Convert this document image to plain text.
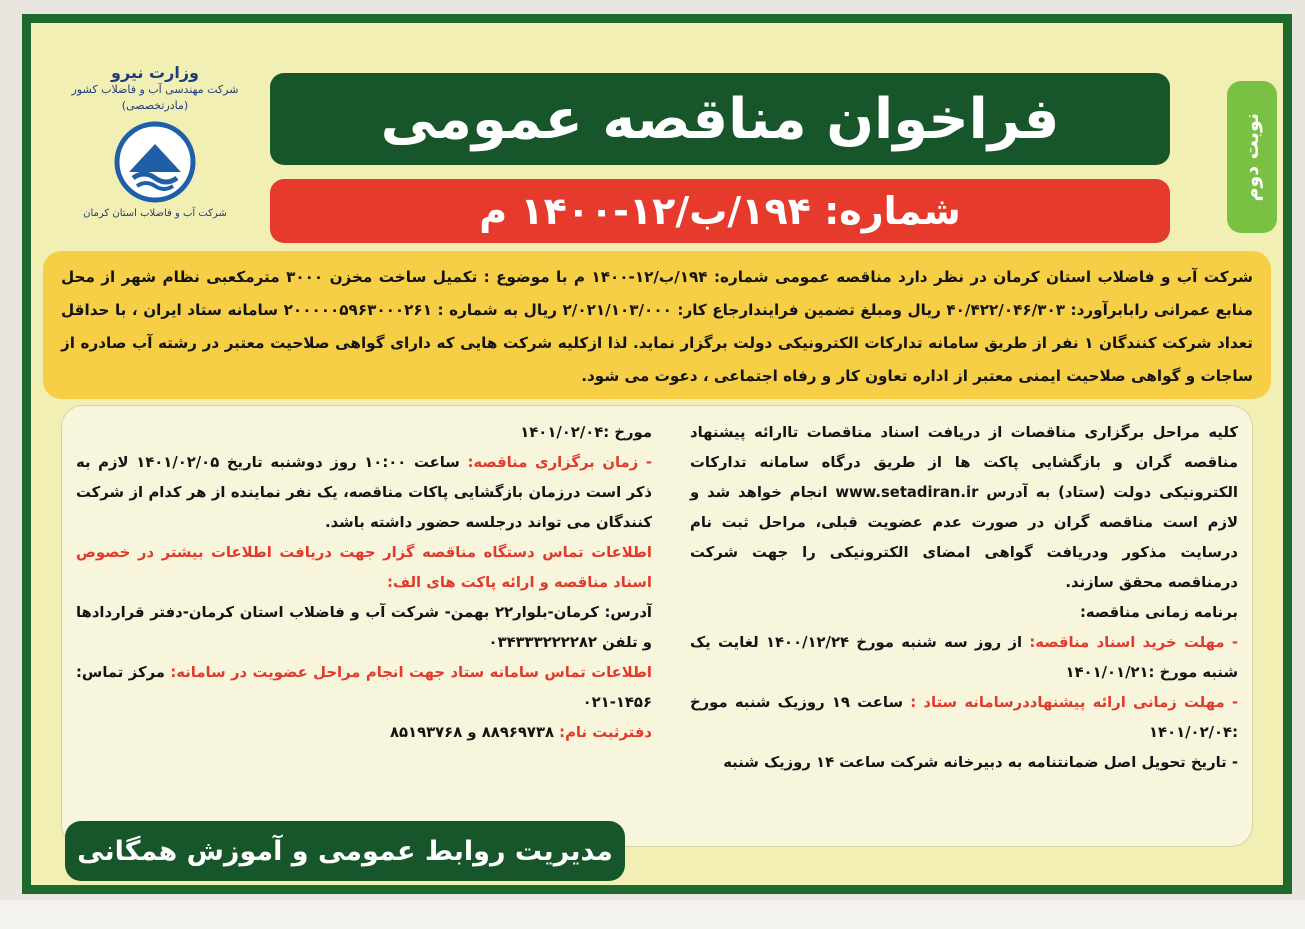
نوبت دوم
وزارت نیرو
شرکت مهندسی آب و فاضلاب کشور
(مادرتخصصی)
شرکت آب و فاضلاب استان کرمان
فراخوان مناقصه عمومی
شماره: ۱۹۴/ب/۱۲-۱۴۰۰ م
شرکت آب و فاضلاب استان کرمان در نظر دارد مناقصه عمومی شماره: ۱۹۴/ب/۱۲-۱۴۰۰ م با موضوع : تکمیل ساخت مخزن ۳۰۰۰ مترمکعبی نظام شهر از محل منابع عمرانی رابابرآورد: ۴۰/۴۲۲/۰۴۶/۳۰۳ ریال ومبلغ تضمین فرایندارجاع کار: ۲/۰۲۱/۱۰۳/۰۰۰ ریال به شماره : ۲۰۰۰۰۰۵۹۶۳۰۰۰۲۶۱ سامانه ستاد ایران ، با حداقل تعداد شرکت کنندگان ۱ نفر از طریق سامانه تدارکات الکترونیکی دولت برگزار نماید. لذا ازکلیه شرکت هایی که دارای گواهی صلاحیت معتبر در رشته آب صادره از ساجات و گواهی صلاحیت ایمنی معتبر از اداره تعاون کار و رفاه اجتماعی ، دعوت می شود.

کلیه مراحل برگزاری مناقصات از دریافت اسناد مناقصات تاارائه پیشنهاد مناقصه گران و بازگشایی پاکت ها از طریق درگاه سامانه تدارکات الکترونیکی دولت (ستاد) به آدرس www.setadiran.ir انجام خواهد شد و لازم است مناقصه گران در صورت عدم عضویت قبلی، مراحل ثبت نام درسایت مذکور ودریافت گواهی امضای الکترونیکی را جهت شرکت درمناقصه محقق سازند.

برنامه زمانی مناقصه:

- مهلت خرید اسناد مناقصه: از روز سه شنبه مورخ ۱۴۰۰/۱۲/۲۴ لغایت یک شنبه مورخ :۱۴۰۱/۰۱/۲۱

- مهلت زمانی ارائه پیشنهاددرسامانه ستاد : ساعت ۱۹ روزیک شنبه مورخ :۱۴۰۱/۰۲/۰۴

- تاریخ تحویل اصل ضمانتنامه به دبیرخانه شرکت ساعت ۱۴ روزیک شنبه

مورخ :۱۴۰۱/۰۲/۰۴

- زمان برگزاری مناقصه: ساعت ۱۰:۰۰ روز دوشنبه تاریخ ۱۴۰۱/۰۲/۰۵ لازم به ذکر است درزمان بازگشایی پاکات مناقصه، یک نفر نماینده از هر کدام از شرکت کنندگان می تواند درجلسه حضور داشته باشد.

اطلاعات تماس دستگاه مناقصه گزار جهت دریافت اطلاعات بیشتر در خصوص اسناد مناقصه و ارائه پاکت های الف:

آدرس: کرمان-بلوار۲۲ بهمن- شرکت آب و فاضلاب استان کرمان-دفتر قراردادها و تلفن ۰۳۴۳۳۳۲۲۲۲۸۲

اطلاعات تماس سامانه ستاد جهت انجام مراحل عضویت در سامانه: مرکز تماس: ۱۴۵۶-۰۲۱

دفترثبت نام: ۸۸۹۶۹۷۳۸ و ۸۵۱۹۳۷۶۸

مدیریت روابط عمومی و آموزش همگانی
